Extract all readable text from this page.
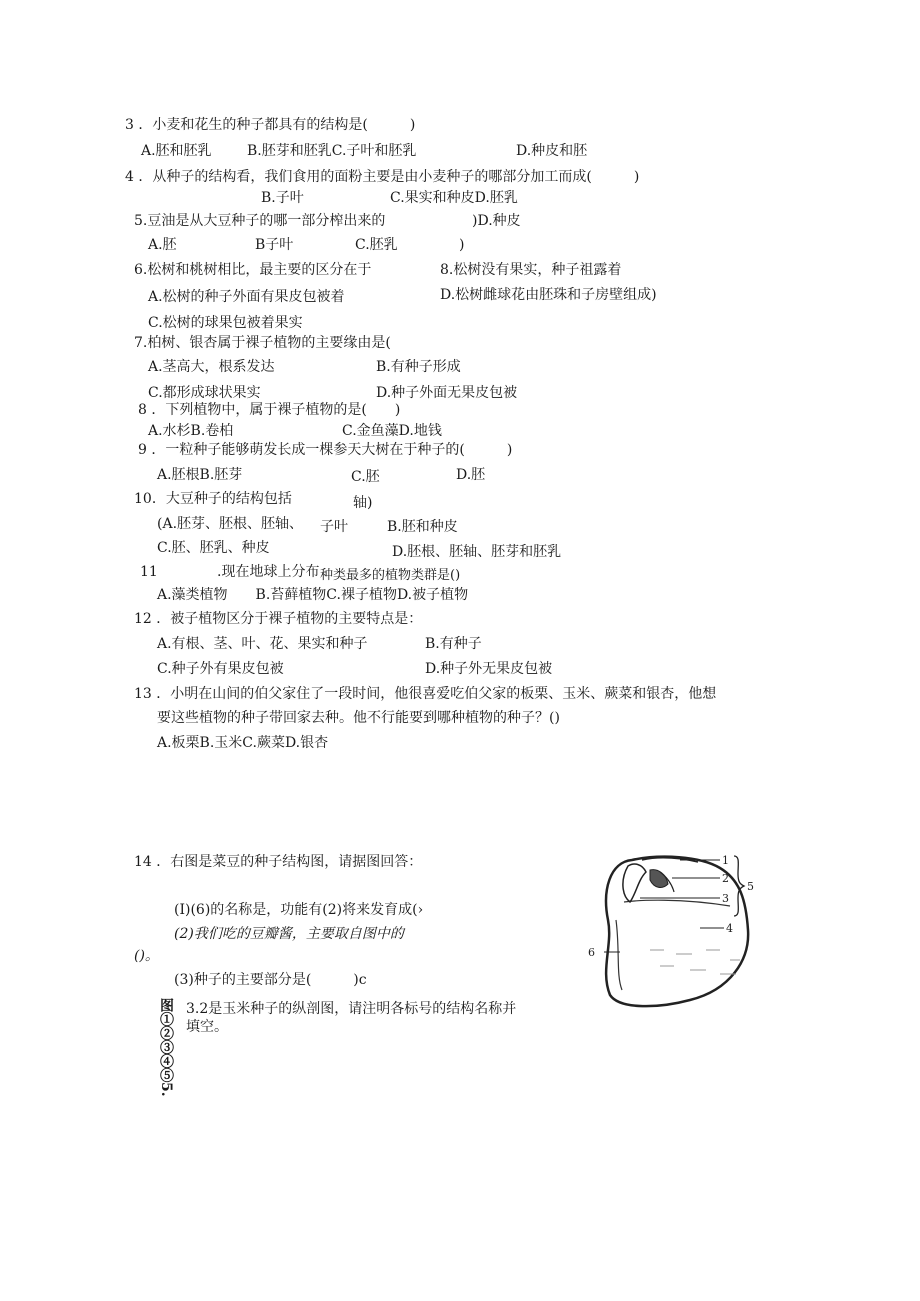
3 ．小麦和花生的种子都具有的结构是(　　　)
A.胚和胚乳	B.胚芽和胚乳C.子叶和胚乳	D.种皮和胚
4 ．从种子的结构看，我们食用的面粉主要是由小麦种子的哪部分加工而成(　　　)
B.子叶	C.果实和种皮D.胚乳
5.豆油是从大豆种子的哪一部分榨出来的	)D.种皮
A.胚	B子叶	C.胚乳	)
6.松树和桃树相比，最主要的区分在于	8.松树没有果实，种子祖露着
A.松树的种子外面有果皮包被着	D.松树雌球花由胚珠和子房壁组成)
C.松树的球果包被着果实
7.柏树、银杏属于裸子植物的主要缘由是(
A.茎高大，根系发达	B.有种子形成
C.都形成球状果实	D.种子外面无果皮包被
8 ．下列植物中，属于裸子植物的是(　　)
A.水杉B.卷柏	C.金鱼藻D.地钱
9 ．一粒种子能够萌发长成一棵参天大树在于种子的(　　　)
A.胚根B.胚芽	C.胚	D.胚
10．大豆种子的结构包括	轴)
(A.胚芽、胚根、胚轴、 子叶	B.胚和种皮
C.胚、胚乳、种皮	D.胚根、胚轴、胚芽和胚乳
11	.现在地球上分布 种类最多的植物类群是()
A.藻类植物　　B.苔藓植物C.裸子植物D.被子植物
12 ．被子植物区分于裸子植物的主要特点是：
A.有根、茎、叶、花、果实和种子	B.有种子
C.种子外有果皮包被	D.种子外无果皮包被
13 ．小明在山间的伯父家住了一段时间，他很喜爱吃伯父家的板栗、玉米、蕨菜和银杏，他想
要这些植物的种子带回家去种。他不行能要到哪种植物的种子？()
A.板栗B.玉米C.蕨菜D.银杏
14 ．右图是菜豆的种子结构图，请据图回答：
(I)(6)的名称是，功能有(2)将来发育成(›
(2)我们吃的豆瓣酱，主要取自图中的
()。
(3)种子的主要部分是(　　　)c
3.2是玉米种子的纵剖图，请注明各标号的结构名称并
填空。
图①②③④⑤5.
1
2
3
4
5
6
